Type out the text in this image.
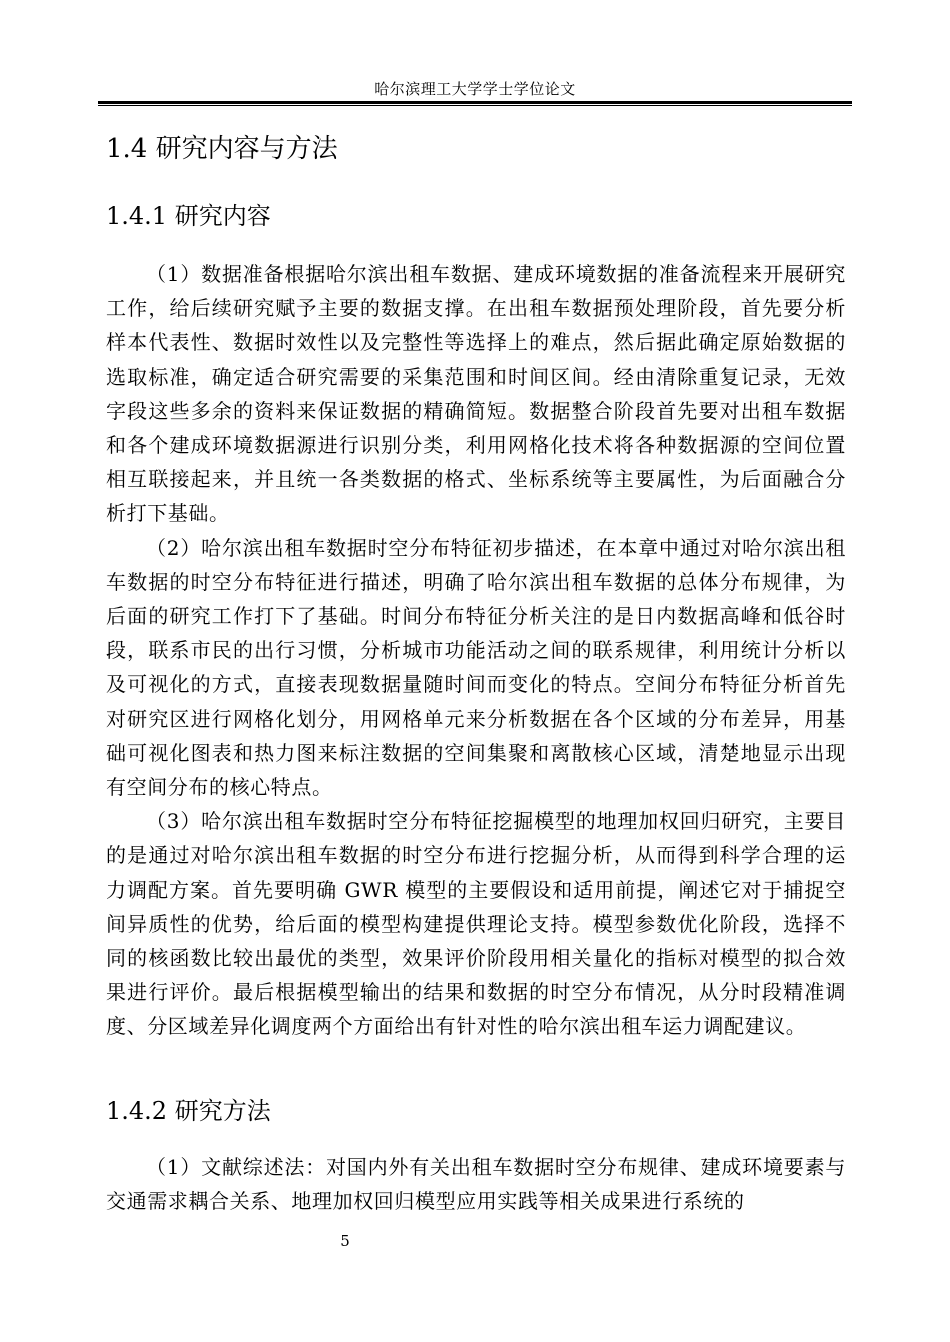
哈尔滨理工大学学士学位论文
1.4 研究内容与方法
1.4.1 研究内容

（1）数据准备根据哈尔滨出租车数据、建成环境数据的准备流程来开展研究工作，给后续研究赋予主要的数据支撑。在出租车数据预处理阶段，首先要分析样本代表性、数据时效性以及完整性等选择上的难点，然后据此确定原始数据的选取标准，确定适合研究需要的采集范围和时间区间。经由清除重复记录，无效字段这些多余的资料来保证数据的精确简短。数据整合阶段首先要对出租车数据和各个建成环境数据源进行识别分类，利用网格化技术将各种数据源的空间位置相互联接起来，并且统一各类数据的格式、坐标系统等主要属性，为后面融合分析打下基础。

（2）哈尔滨出租车数据时空分布特征初步描述，在本章中通过对哈尔滨出租车数据的时空分布特征进行描述，明确了哈尔滨出租车数据的总体分布规律，为后面的研究工作打下了基础。时间分布特征分析关注的是日内数据高峰和低谷时段，联系市民的出行习惯，分析城市功能活动之间的联系规律，利用统计分析以及可视化的方式，直接表现数据量随时间而变化的特点。空间分布特征分析首先对研究区进行网格化划分，用网格单元来分析数据在各个区域的分布差异，用基础可视化图表和热力图来标注数据的空间集聚和离散核心区域，清楚地显示出现有空间分布的核心特点。

（3）哈尔滨出租车数据时空分布特征挖掘模型的地理加权回归研究，主要目的是通过对哈尔滨出租车数据的时空分布进行挖掘分析，从而得到科学合理的运力调配方案。首先要明确 GWR 模型的主要假设和适用前提，阐述它对于捕捉空间异质性的优势，给后面的模型构建提供理论支持。模型参数优化阶段，选择不同的核函数比较出最优的类型，效果评价阶段用相关量化的指标对模型的拟合效果进行评价。最后根据模型输出的结果和数据的时空分布情况，从分时段精准调度、分区域差异化调度两个方面给出有针对性的哈尔滨出租车运力调配建议。

1.4.2 研究方法

（1）文献综述法：对国内外有关出租车数据时空分布规律、建成环境要素与交通需求耦合关系、地理加权回归模型应用实践等相关成果进行系统的

5
